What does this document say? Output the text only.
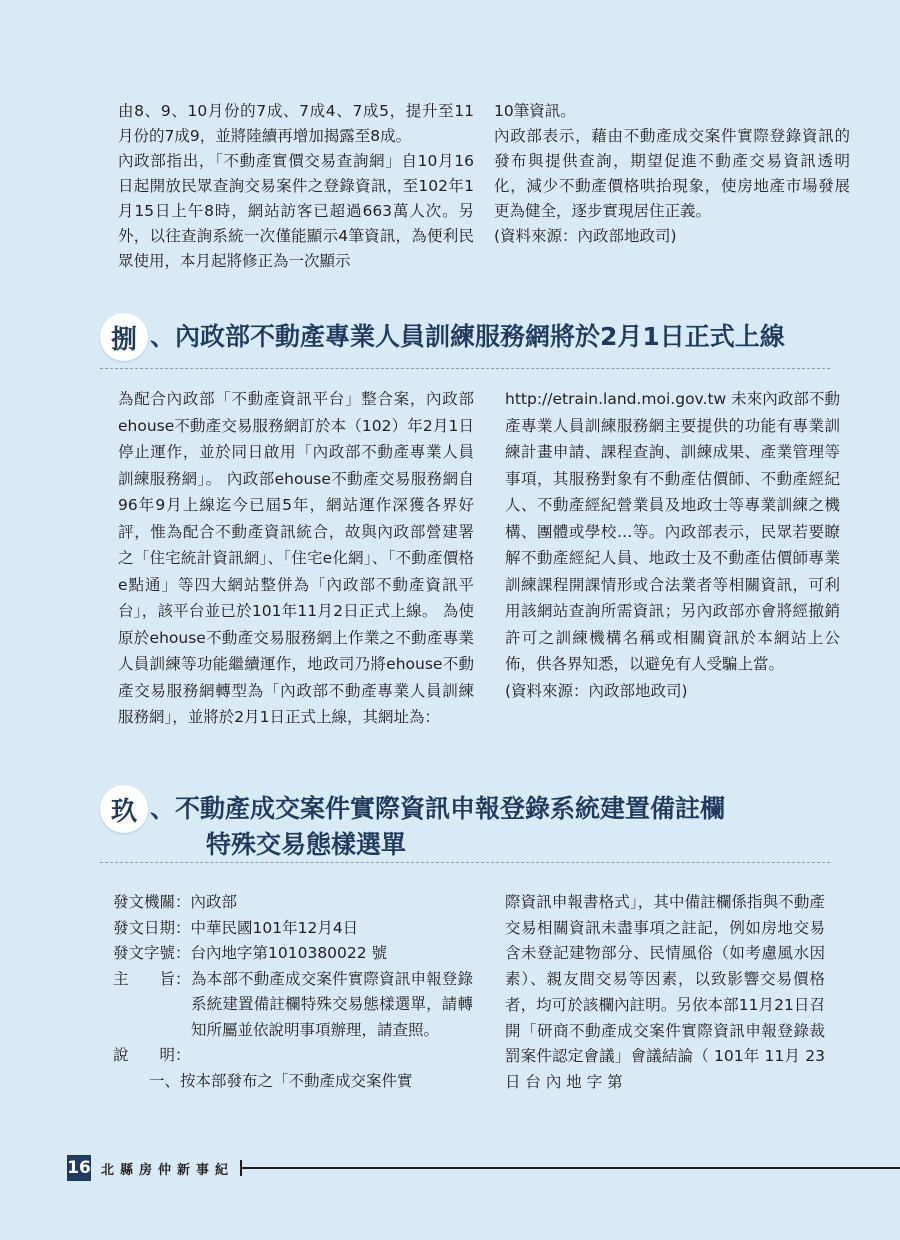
由8、9、10月份的7成、7成4、7成5，提升至11月份的7成9，並將陸續再增加揭露至8成。

內政部指出，「不動產實價交易查詢網」自10月16日起開放民眾查詢交易案件之登錄資訊，至102年1月15日上午8時，網站訪客已超過663萬人次。另外，以往查詢系統一次僅能顯示4筆資訊，為便利民眾使用，本月起將修正為一次顯示

10筆資訊。

內政部表示，藉由不動產成交案件實際登錄資訊的發布與提供查詢，期望促進不動產交易資訊透明化，減少不動產價格哄抬現象，使房地產市場發展更為健全，逐步實現居住正義。

(資料來源：內政部地政司)

捌 、內政部不動產專業人員訓練服務網將於2月1日正式上線

為配合內政部「不動產資訊平台」整合案，內政部ehouse不動產交易服務網訂於本（102）年2月1日停止運作，並於同日啟用「內政部不動產專業人員訓練服務網」。 內政部ehouse不動產交易服務網自96年9月上線迄今已屆5年，網站運作深獲各界好評，惟為配合不動產資訊統合，故與內政部營建署之「住宅統計資訊網」、「住宅e化網」、「不動產價格e點通」等四大網站整併為「內政部不動產資訊平台」，該平台並已於101年11月2日正式上線。 為使原於ehouse不動產交易服務網上作業之不動產專業人員訓練等功能繼續運作，地政司乃將ehouse不動產交易服務網轉型為「內政部不動產專業人員訓練服務網」，並將於2月1日正式上線，其網址為：

http://etrain.land.moi.gov.tw 未來內政部不動產專業人員訓練服務網主要提供的功能有專業訓練計畫申請、課程查詢、訓練成果、產業管理等事項，其服務對象有不動產估價師、不動產經紀人、不動產經紀營業員及地政士等專業訓練之機構、團體或學校…等。內政部表示，民眾若要瞭解不動產經紀人員、地政士及不動產估價師專業訓練課程開課情形或合法業者等相關資訊，可利用該網站查詢所需資訊；另內政部亦會將經撤銷許可之訓練機構名稱或相關資訊於本網站上公佈，供各界知悉，以避免有人受騙上當。

(資料來源：內政部地政司)

玖 、不動產成交案件實際資訊申報登錄系統建置備註欄
特殊交易態樣選單

發文機關：內政部

發文日期：中華民國101年12月4日

發文字號：台內地字第1010380022 號

主　　旨： 為本部不動產成交案件實際資訊申報登錄系統建置備註欄特殊交易態樣選單，請轉知所屬並依說明事項辦理，請查照。

說　　明：

一、按本部發布之「不動產成交案件實

際資訊申報書格式」，其中備註欄係指與不動產交易相關資訊未盡事項之註記，例如房地交易含未登記建物部分、民情風俗（如考慮風水因素）、親友間交易等因素，以致影響交易價格者，均可於該欄內註明。另依本部11月21日召開「研商不動產成交案件實際資訊申報登錄裁罰案件認定會議」會議結論（ 101年 11月 23日 台 內 地 字 第

16 北縣房仲新事紀
